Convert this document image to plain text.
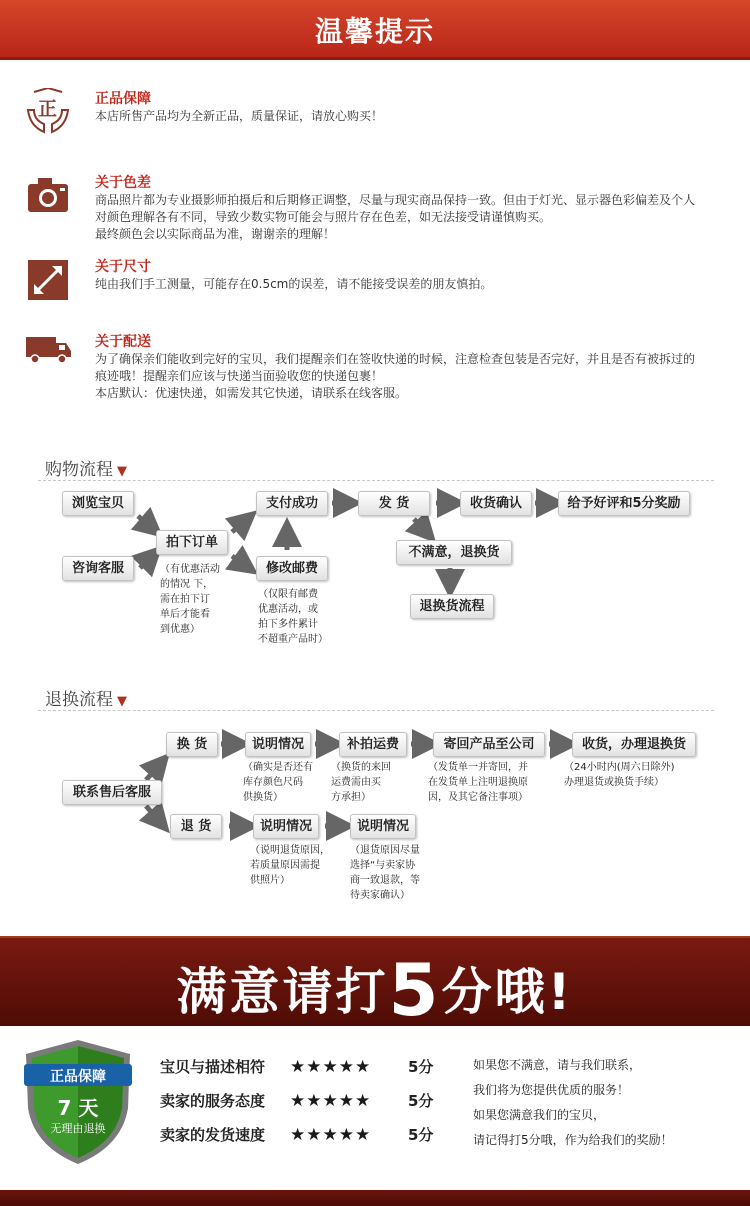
温馨提示
正	正品保障
本店所售产品均为全新正品，质量保证，请放心购买！
关于色差
商品照片都为专业摄影师拍摄后和后期修正调整，尽量与现实商品保持一致。但由于灯光、显示器色彩偏差及个人
对颜色理解各有不同，导致少数实物可能会与照片存在色差，如无法接受请谨慎购买。
最终颜色会以实际商品为准，谢谢亲的理解！
关于尺寸
纯由我们手工测量，可能存在0.5cm的误差，请不能接受误差的朋友慎拍。
关于配送
为了确保亲们能收到完好的宝贝，我们提醒亲们在签收快递的时候，注意检查包装是否完好，并且是否有被拆过的
痕迹哦！提醒亲们应该与快递当面验收您的快递包裹！
本店默认：优速快递，如需发其它快递，请联系在线客服。
购物流程 ▼
浏览宝贝
咨询客服
拍下订单
支付成功	发 货	收货确认	给予好评和5分奖励
修改邮费
不满意，退换货
退换货流程
（有优惠活动
的情况 下，
需在拍下订
单后才能看
到优惠）
（仅限有邮费
优惠活动，或
拍下多件累计
不超重产品时）
退换流程 ▼
联系售后客服
换 货	说明情况	补拍运费	寄回产品至公司	收货，办理退换货
退 货	说明情况	说明情况
（确实是否还有
库存颜色尺码
供换货）
（换货的来回
运费需由买
方承担）
（发货单一并寄回，并
在发货单上注明退换原
因，及其它备注事项）
（24小时内(周六日除外)
办理退货或换货手续）
（说明退货原因，
若质量原因需提
供照片）
（退货原因尽量
选择“与卖家协
商一致退款，等
待卖家确认）
满意请打5分哦!
正品保障
7 天
无理由退换
宝贝与描述相符 ★★★★★ 5分
卖家的服务态度 ★★★★★ 5分
卖家的发货速度 ★★★★★ 5分
如果您不满意，请与我们联系，
我们将为您提供优质的服务！
如果您满意我们的宝贝，
请记得打5分哦，作为给我们的奖励！
